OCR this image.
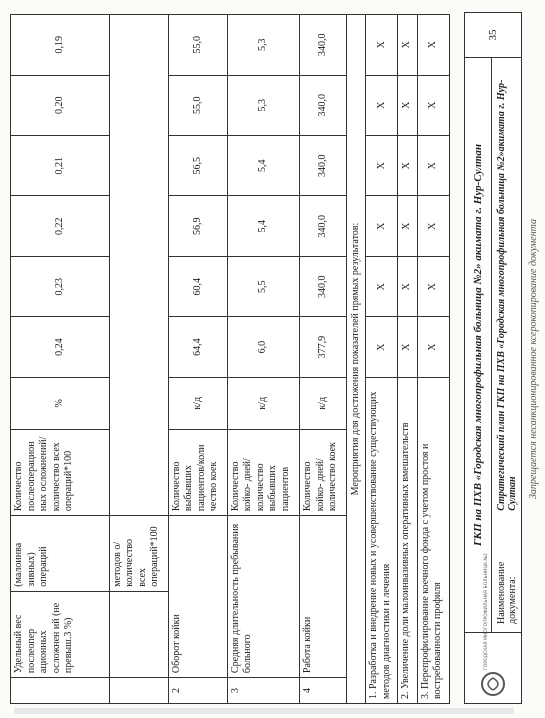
	Удельный вес послеопер ационных осложнен ий (не превыш.3 %)	(малоинва зивных) операций	Количество послеоперацион ных осложнений/ количество всех операций*100	%	0,24	0,23	0,22	0,21	0,20	0,19
		методов о/количество всех операций*100								
2	Оборот койки		Количество выбывших пациентов/коли чество коек	к/д	64,4	60,4	56,9	56,5	55,0	55,0
3	Средняя длительность пребывания больного		Количество койко- дней/количество выбывших пациентов	к/д	6,0	5,5	5,4	5,4	5,3	5,3
4	Работа койки		Количество койко- дней/количество коек	к/д	377,9	340,0	340,0	340,0	340,0	340,0
Мероприятия для достижения показателей прямых результатов:										
1. Разработка и внедрение новых и усовершенствование существующих методов диагностики и лечения					Х	Х	Х	Х	Х	Х
2. Увеличение доли малоинвазивных оперативных вмешательств					Х	Х	Х	Х	Х	Х
3. Перепрофилирование коечного фонда с учетом простоя и востребованности профиля					Х	Х	Х	Х	Х	Х
ГОРОДСКАЯ МНОГОПРОФИЛЬНАЯ БОЛЬНИЦА №2
ГКП на ПХВ «Городская многопрофильная больница №2» акимата г. Нур-Султан
Наименование документа:
Стратегический план ГКП на ПХВ «Городская многопрофильная больница №2»акимата г. Нур-Султан
35
Запрещается несанкционированное ксерокопирование документа
